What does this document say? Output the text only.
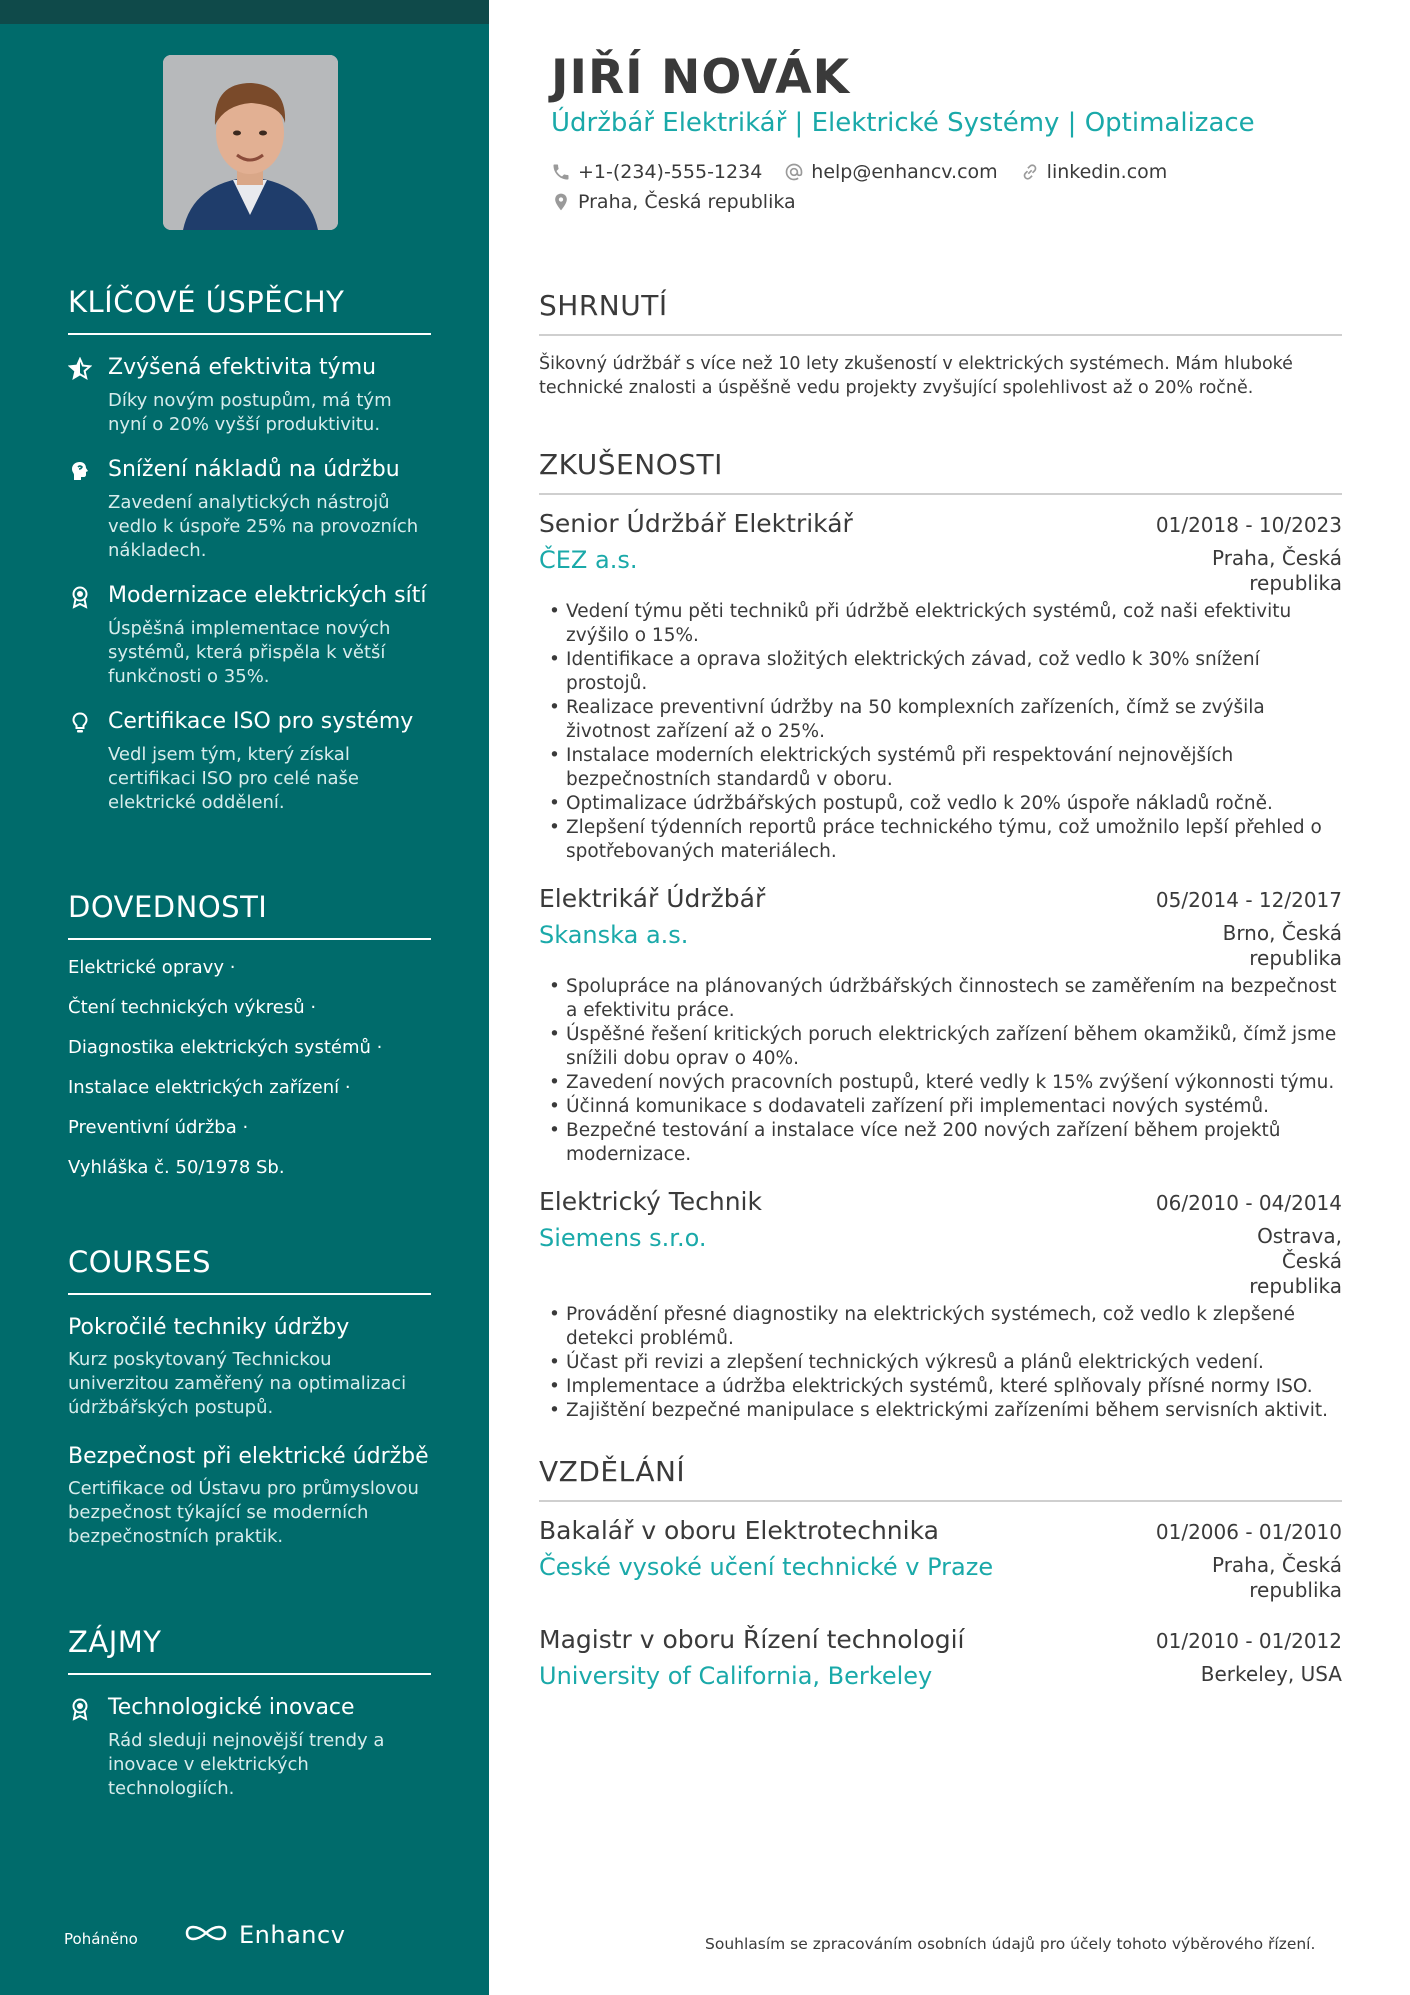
KLÍČOVÉ ÚSPĚCHY
Zvýšená efektivita týmu
Díky novým postupům, má tým nyní o 20% vyšší produktivitu.
Snížení nákladů na údržbu
Zavedení analytických nástrojů vedlo k úspoře 25% na provozních nákladech.
Modernizace elektrických sítí
Úspěšná implementace nových systémů, která přispěla k větší funkčnosti o 35%.
Certifikace ISO pro systémy
Vedl jsem tým, který získal certifikaci ISO pro celé naše elektrické oddělení.
DOVEDNOSTI
Elektrické opravy ·
Čtení technických výkresů ·
Diagnostika elektrických systémů ·
Instalace elektrických zařízení ·
Preventivní údržba ·
Vyhláška č. 50/1978 Sb.
COURSES
Pokročilé techniky údržby
Kurz poskytovaný Technickou univerzitou zaměřený na optimalizaci údržbářských postupů.
Bezpečnost při elektrické údržbě
Certifikace od Ústavu pro průmyslovou bezpečnost týkající se moderních bezpečnostních praktik.
ZÁJMY
Technologické inovace
Rád sleduji nejnovější trendy a inovace v elektrických technologiích.
Poháněno	Enhancv
JIŘÍ NOVÁK
Údržbář Elektrikář | Elektrické Systémy | Optimalizace
+1-(234)-555-1234	help@enhancv.com	linkedin.com
Praha, Česká republika
SHRNUTÍ
Šikovný údržbář s více než 10 lety zkušeností v elektrických systémech. Mám hluboké technické znalosti a úspěšně vedu projekty zvyšující spolehlivost až o 20% ročně.
ZKUŠENOSTI
Senior Údržbář Elektrikář	01/2018 - 10/2023
ČEZ a.s.	Praha, Česká republika
• Vedení týmu pěti techniků při údržbě elektrických systémů, což naši efektivitu zvýšilo o 15%.
• Identifikace a oprava složitých elektrických závad, což vedlo k 30% snížení prostojů.
• Realizace preventivní údržby na 50 komplexních zařízeních, čímž se zvýšila životnost zařízení až o 25%.
• Instalace moderních elektrických systémů při respektování nejnovějších bezpečnostních standardů v oboru.
• Optimalizace údržbářských postupů, což vedlo k 20% úspoře nákladů ročně.
• Zlepšení týdenních reportů práce technického týmu, což umožnilo lepší přehled o spotřebovaných materiálech.
Elektrikář Údržbář	05/2014 - 12/2017
Skanska a.s.	Brno, Česká republika
• Spolupráce na plánovaných údržbářských činnostech se zaměřením na bezpečnost a efektivitu práce.
• Úspěšné řešení kritických poruch elektrických zařízení během okamžiků, čímž jsme snížili dobu oprav o 40%.
• Zavedení nových pracovních postupů, které vedly k 15% zvýšení výkonnosti týmu.
• Účinná komunikace s dodavateli zařízení při implementaci nových systémů.
• Bezpečné testování a instalace více než 200 nových zařízení během projektů modernizace.
Elektrický Technik	06/2010 - 04/2014
Siemens s.r.o.	Ostrava, Česká republika
• Provádění přesné diagnostiky na elektrických systémech, což vedlo k zlepšené detekci problémů.
• Účast při revizi a zlepšení technických výkresů a plánů elektrických vedení.
• Implementace a údržba elektrických systémů, které splňovaly přísné normy ISO.
• Zajištění bezpečné manipulace s elektrickými zařízeními během servisních aktivit.
VZDĚLÁNÍ
Bakalář v oboru Elektrotechnika	01/2006 - 01/2010
České vysoké učení technické v Praze	Praha, Česká republika
Magistr v oboru Řízení technologií	01/2010 - 01/2012
University of California, Berkeley	Berkeley, USA
Souhlasím se zpracováním osobních údajů pro účely tohoto výběrového řízení.
